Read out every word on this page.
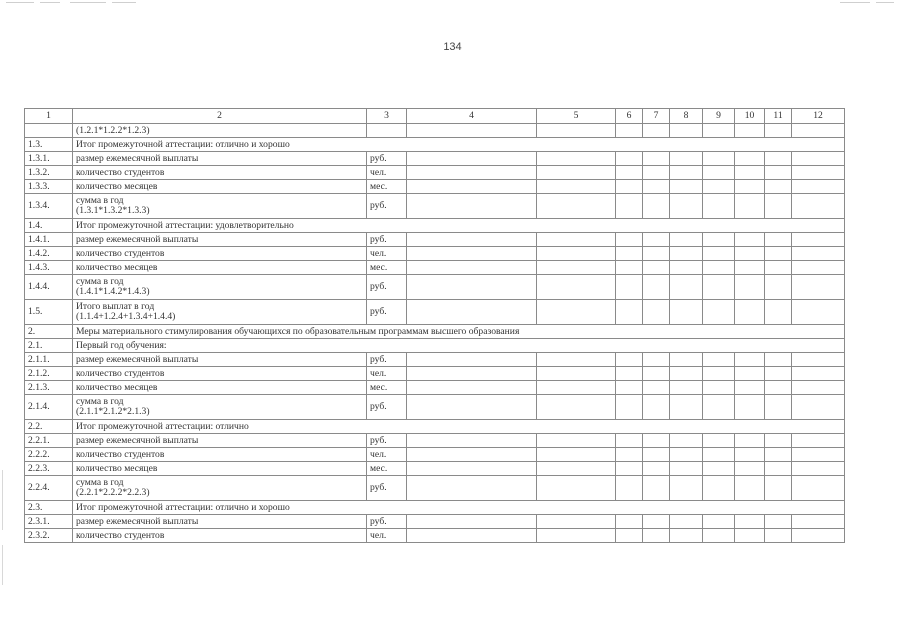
134
1	2	3	4	5	6	7	8	9	10	11	12
	(1.2.1*1.2.2*1.2.3)										
1.3.	Итог промежуточной аттестации: отлично и хорошо										
1.3.1.	размер ежемесячной выплаты	руб.									
1.3.2.	количество студентов	чел.									
1.3.3.	количество месяцев	мес.									
1.3.4.	сумма в год
(1.3.1*1.3.2*1.3.3)	руб.									
1.4.	Итог промежуточной аттестации: удовлетворительно										
1.4.1.	размер ежемесячной выплаты	руб.									
1.4.2.	количество студентов	чел.									
1.4.3.	количество месяцев	мес.									
1.4.4.	сумма в год
(1.4.1*1.4.2*1.4.3)	руб.									
1.5.	Итого выплат в год
(1.1.4+1.2.4+1.3.4+1.4.4)	руб.									
2.	Меры материального стимулирования обучающихся по образовательным программам высшего образования										
2.1.	Первый год обучения:										
2.1.1.	размер ежемесячной выплаты	руб.									
2.1.2.	количество студентов	чел.									
2.1.3.	количество месяцев	мес.									
2.1.4.	сумма в год
(2.1.1*2.1.2*2.1.3)	руб.									
2.2.	Итог промежуточной аттестации: отлично										
2.2.1.	размер ежемесячной выплаты	руб.									
2.2.2.	количество студентов	чел.									
2.2.3.	количество месяцев	мес.									
2.2.4.	сумма в год
(2.2.1*2.2.2*2.2.3)	руб.									
2.3.	Итог промежуточной аттестации: отлично и хорошо										
2.3.1.	размер ежемесячной выплаты	руб.									
2.3.2.	количество студентов	чел.									
